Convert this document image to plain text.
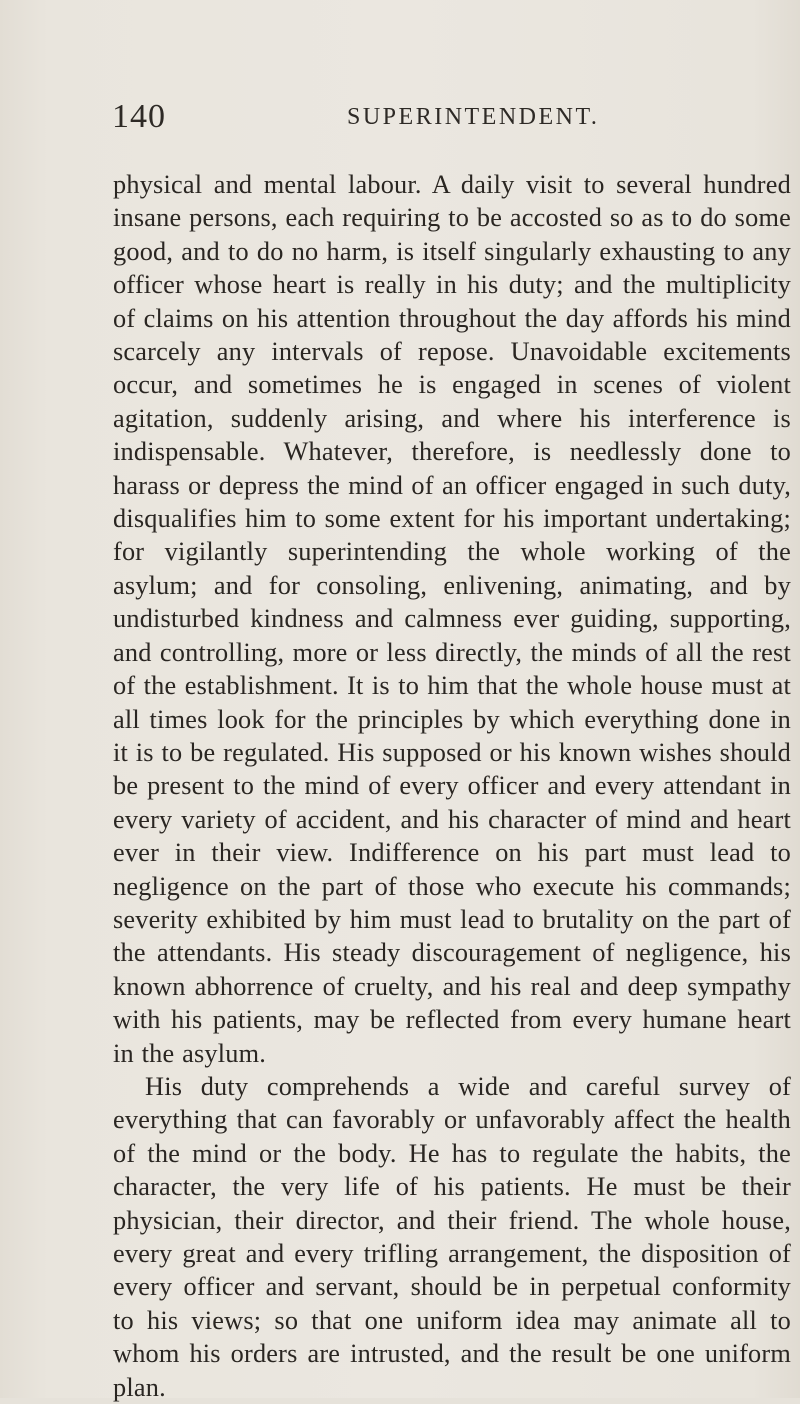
140	SUPERINTENDENT.

physical and mental labour. A daily visit to several hundred insane persons, each requiring to be accosted so as to do some good, and to do no harm, is itself singularly exhausting to any officer whose heart is really in his duty; and the multiplicity of claims on his attention throughout the day affords his mind scarcely any intervals of repose. Unavoidable excitements occur, and sometimes he is engaged in scenes of violent agitation, suddenly arising, and where his interference is indispensable. Whatever, therefore, is needlessly done to harass or depress the mind of an officer engaged in such duty, disqualifies him to some extent for his important undertaking; for vigilantly superintending the whole working of the asylum; and for consoling, enlivening, animating, and by undisturbed kindness and calmness ever guiding, supporting, and controlling, more or less directly, the minds of all the rest of the establishment. It is to him that the whole house must at all times look for the principles by which everything done in it is to be regulated. His supposed or his known wishes should be present to the mind of every officer and every attendant in every variety of accident, and his character of mind and heart ever in their view. Indifference on his part must lead to negligence on the part of those who execute his commands; severity exhibited by him must lead to brutality on the part of the attendants. His steady discouragement of negligence, his known abhorrence of cruelty, and his real and deep sympathy with his patients, may be reflected from every humane heart in the asylum.

His duty comprehends a wide and careful survey of everything that can favorably or unfavorably affect the health of the mind or the body. He has to regulate the habits, the character, the very life of his patients. He must be their physician, their director, and their friend. The whole house, every great and every trifling arrangement, the disposition of every officer and servant, should be in perpetual conformity to his views; so that one uniform idea may animate all to whom his orders are intrusted, and the result be one uniform plan.
